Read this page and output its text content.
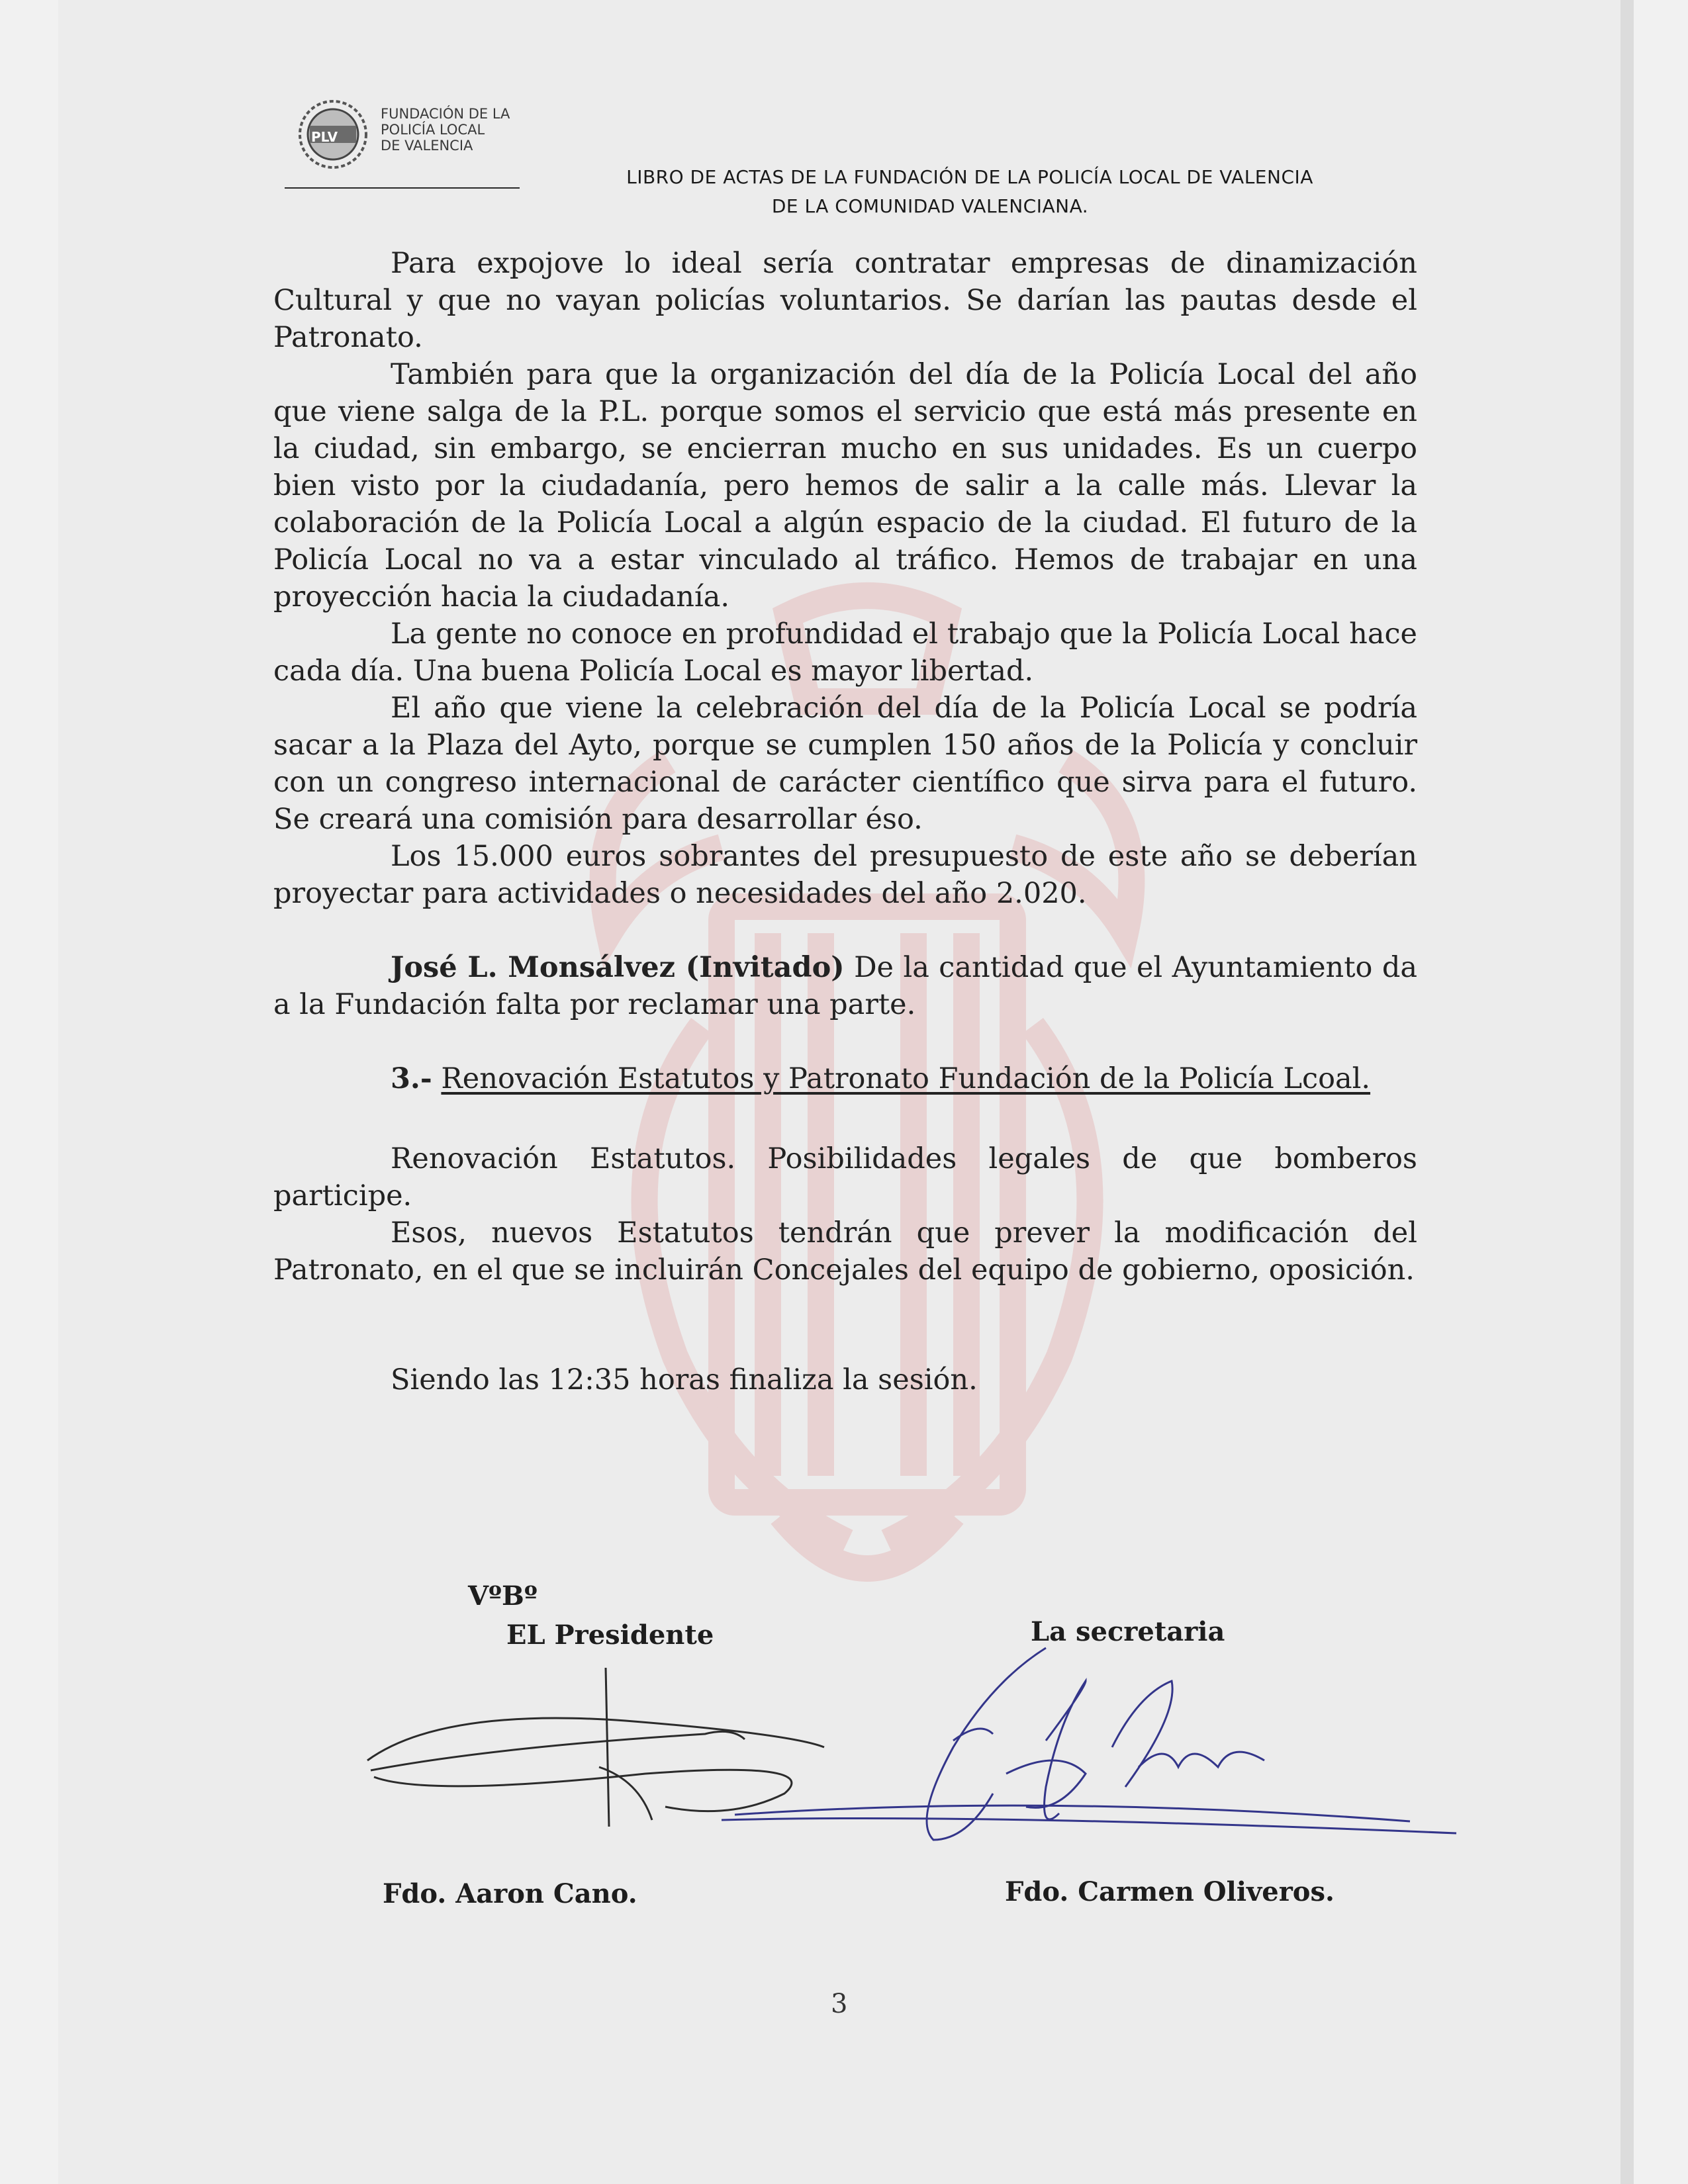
PLV
FUNDACIÓN DE LA
POLICÍA LOCAL
DE VALENCIA
LIBRO DE ACTAS DE LA FUNDACIÓN DE LA POLICÍA LOCAL DE VALENCIA
DE LA COMUNIDAD VALENCIANA.

Para expojove lo ideal sería contratar empresas de dinamización Cultural y que no vayan policías voluntarios. Se darían las pautas desde el Patronato.

También para que la organización del día de la Policía Local del año que viene salga de la P.L. porque somos el servicio que está más presente en la ciudad, sin embargo, se encierran mucho en sus unidades. Es un cuerpo bien visto por la ciudadanía, pero hemos de salir a la calle más. Llevar la colaboración de la Policía Local a algún espacio de la ciudad. El futuro de la Policía Local no va a estar vinculado al tráfico. Hemos de trabajar en una proyección hacia la ciudadanía.

La gente no conoce en profundidad el trabajo que la Policía Local hace cada día. Una buena Policía Local es mayor libertad.

El año que viene la celebración del día de la Policía Local se podría sacar a la Plaza del Ayto, porque se cumplen 150 años de la Policía y concluir con un congreso internacional de carácter científico que sirva para el futuro. Se creará una comisión para desarrollar éso.

Los 15.000 euros sobrantes del presupuesto de este año se deberían proyectar para actividades o necesidades del año 2.020.

José L. Monsálvez (Invitado) De la cantidad que el Ayuntamiento da a la Fundación falta por reclamar una parte.

3.- Renovación Estatutos y Patronato Fundación de la Policía Lcoal.

Renovación Estatutos. Posibilidades legales de que bomberos participe.

Esos, nuevos Estatutos tendrán que prever la modificación del Patronato, en el que se incluirán Concejales del equipo de gobierno, oposición.

Siendo las 12:35 horas finaliza la sesión.

VºBº
EL Presidente	La secretaria
Fdo. Aaron Cano.	Fdo. Carmen Oliveros.
3
